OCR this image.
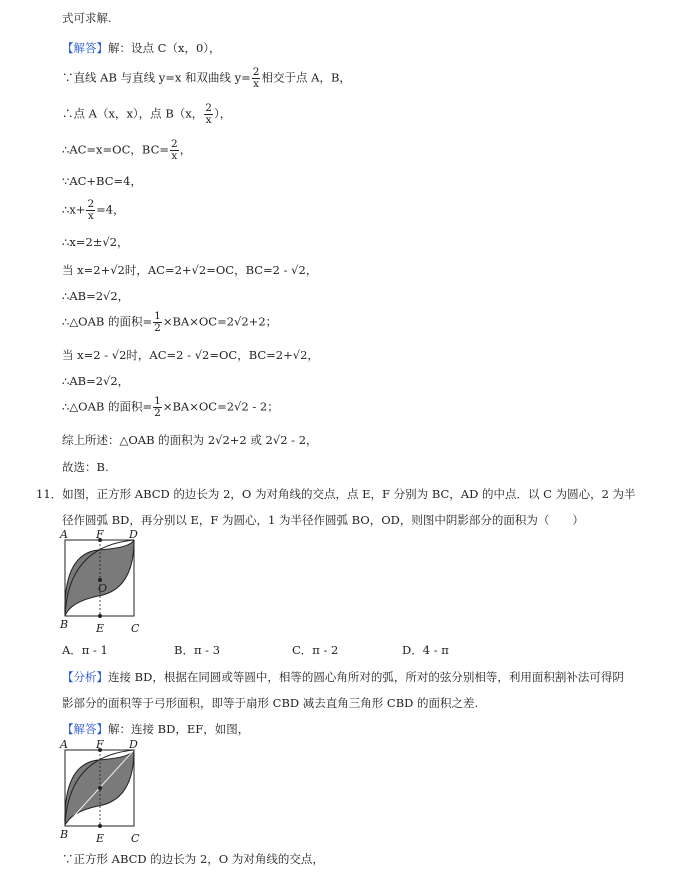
式可求解.
【解答】解：设点 C（x，0），
∵直线 AB 与直线 y=x 和双曲线 $y= \frac{2}{x}$ 相交于点 A，B，
∴点 A（x，x），点 B（x， $\frac{2}{x}$ ），
∴AC=x=OC，$BC= \frac{2}{x}$ ，
∵AC+BC=4，
∴x+ $\frac{2}{x} =4$，
∴x=2±√2，
当 x=2+√2时，AC=2+√2=OC，BC=2 - √2，
∴AB=2√2，
∴△OAB 的面积= $\frac{1}{2} \times BA\times OC=2√2+2$；
当 x=2 - √2时，AC=2 - √2=OC，BC=2+√2，
∴AB=2√2，
∴△OAB 的面积= $\frac{1}{2} \times BA\times OC=2√2 - 2$；
综上所述：△OAB 的面积为 2√2+2 或 2√2 - 2，
故选：B.
11．如图，正方形 ABCD 的边长为 2，O 为对角线的交点，点 E，F 分别为 BC，AD 的中点．以 C 为圆心，2 为半
径作圆弧 BD，再分别以 E，F 为圆心，1 为半径作圆弧 BO，OD，则图中阴影部分的面积为（　　）
A	F D
O
B	E C
A．π - 1	B．π - 3	C．π - 2	D．4 - π
【分析】连接 BD，根据在同圆或等圆中，相等的圆心角所对的弧，所对的弦分别相等，利用面积割补法可得阴
影部分的面积等于弓形面积，即等于扇形 CBD 减去直角三角形 CBD 的面积之差.
【解答】解：连接 BD，EF，如图，
A	F D
B	E C
∵正方形 ABCD 的边长为 2，O 为对角线的交点，
